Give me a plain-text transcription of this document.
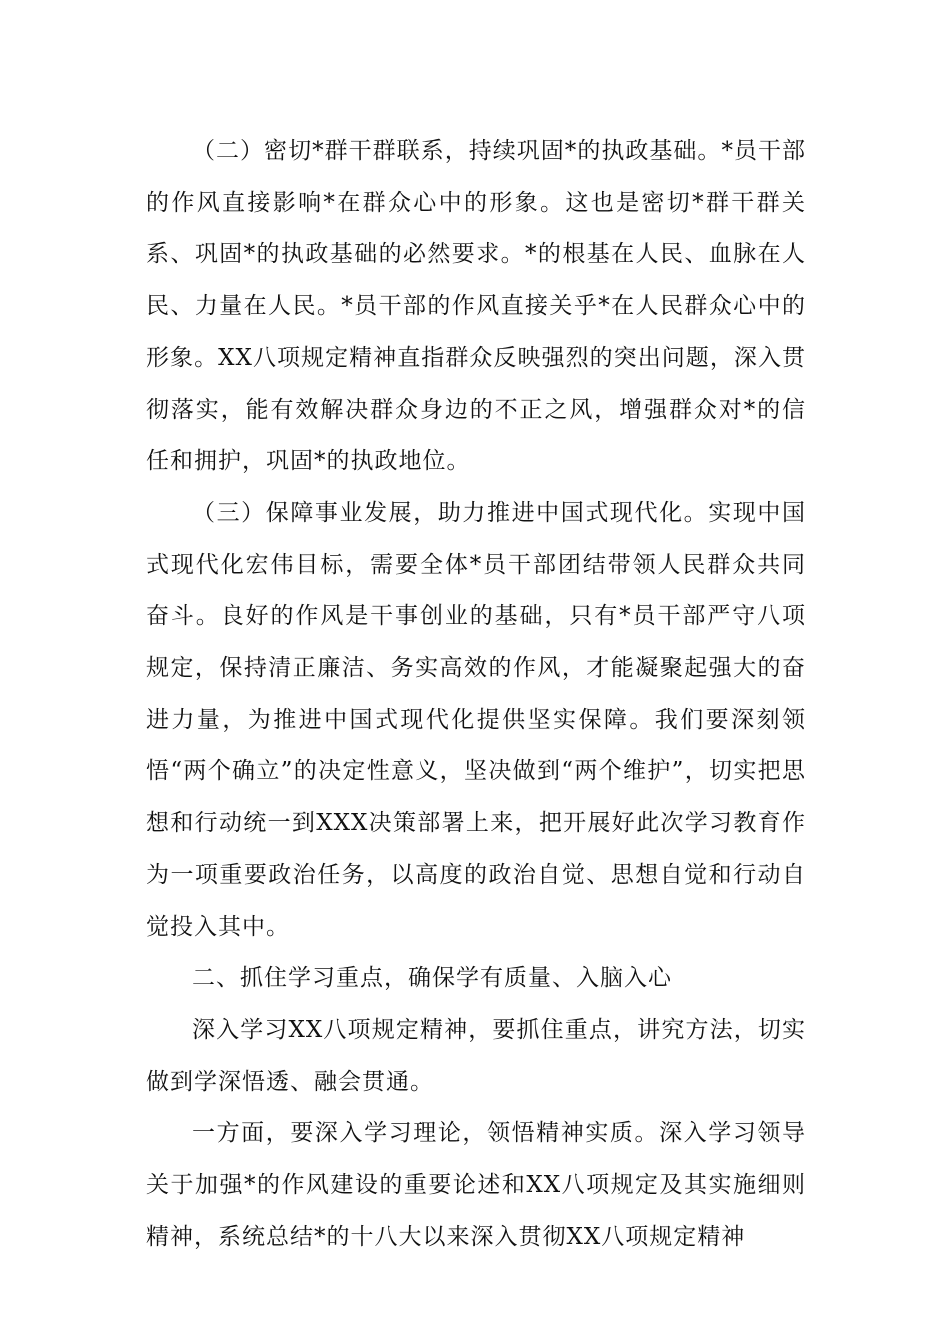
（二）密切*群干群联系，持续巩固*的执政基础。*员干部的作风直接影响*在群众心中的形象。这也是密切*群干群关系、巩固*的执政基础的必然要求。*的根基在人民、血脉在人民、力量在人民。*员干部的作风直接关乎*在人民群众心中的形象。XX八项规定精神直指群众反映强烈的突出问题，深入贯彻落实，能有效解决群众身边的不正之风，增强群众对*的信任和拥护，巩固*的执政地位。

（三）保障事业发展，助力推进中国式现代化。实现中国式现代化宏伟目标，需要全体*员干部团结带领人民群众共同奋斗。良好的作风是干事创业的基础，只有*员干部严守八项规定，保持清正廉洁、务实高效的作风，才能凝聚起强大的奋进力量，为推进中国式现代化提供坚实保障。我们要深刻领悟“两个确立”的决定性意义，坚决做到“两个维护”，切实把思想和行动统一到XXX决策部署上来，把开展好此次学习教育作为一项重要政治任务，以高度的政治自觉、思想自觉和行动自觉投入其中。

二、抓住学习重点，确保学有质量、入脑入心

深入学习XX八项规定精神，要抓住重点，讲究方法，切实做到学深悟透、融会贯通。

一方面，要深入学习理论，领悟精神实质。深入学习领导关于加强*的作风建设的重要论述和XX八项规定及其实施细则精神，系统总结*的十八大以来深入贯彻XX八项规定精神
